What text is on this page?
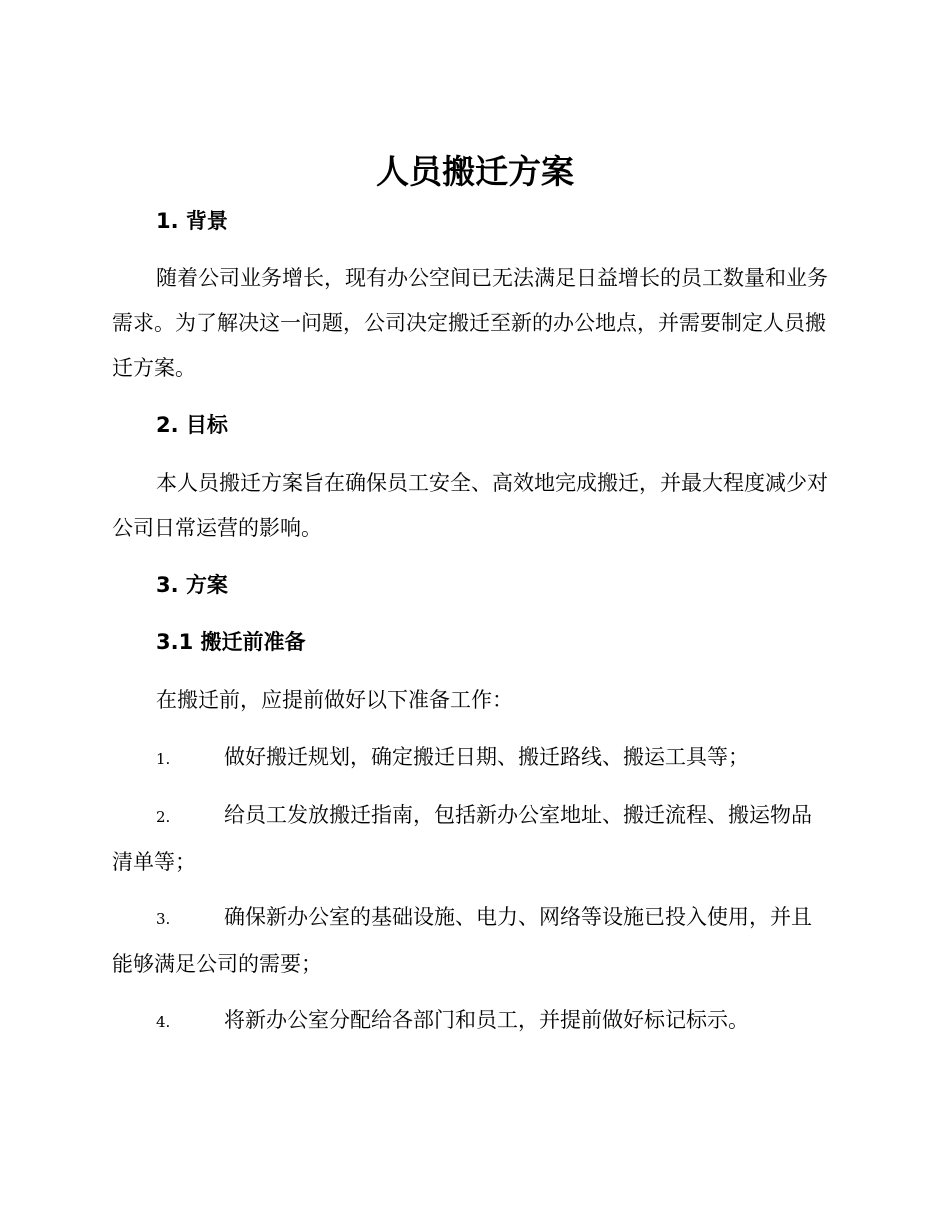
人员搬迁方案
1. 背景

随着公司业务增长，现有办公空间已无法满足日益增长的员工数量和业务需求。为了解决这一问题，公司决定搬迁至新的办公地点，并需要制定人员搬迁方案。

2. 目标

本人员搬迁方案旨在确保员工安全、高效地完成搬迁，并最大程度减少对公司日常运营的影响。

3. 方案
3.1 搬迁前准备

在搬迁前，应提前做好以下准备工作：

1.	做好搬迁规划，确定搬迁日期、搬迁路线、搬运工具等；

2.	给员工发放搬迁指南，包括新办公室地址、搬迁流程、搬运物品清单等；

3.	确保新办公室的基础设施、电力、网络等设施已投入使用，并且能够满足公司的需要；

4.	将新办公室分配给各部门和员工，并提前做好标记标示。
